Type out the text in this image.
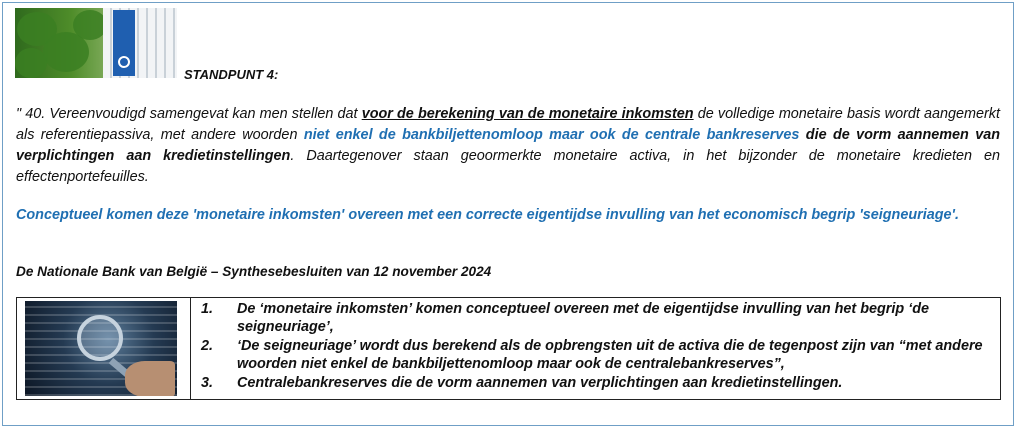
STANDPUNT 4:

" 40. Vereenvoudigd samengevat kan men stellen dat voor de berekening van de monetaire inkomsten de volledige monetaire basis wordt aangemerkt als referentiepassiva, met andere woorden niet enkel de bankbiljettenomloop maar ook de centrale bankreserves die de vorm aannemen van verplichtingen aan kredietinstellingen. Daartegenover staan geoormerkte monetaire activa, in het bijzonder de monetaire kredieten en effectenportefeuilles.

Conceptueel komen deze 'monetaire inkomsten' overeen met een correcte eigentijdse invulling van het economisch begrip 'seigneuriage'.

De Nationale Bank van België – Synthesebesluiten van 12 november 2024
1. De ‘monetaire inkomsten’ komen conceptueel overeen met de eigentijdse invulling van het begrip ‘de seigneuriage’,
2. ‘De seigneuriage’ wordt dus berekend als de opbrengsten uit de activa die de tegenpost zijn van “met andere woorden niet enkel de bankbiljettenomloop maar ook de centralebankreserves”,
3. Centralebankreserves die de vorm aannemen van verplichtingen aan kredietinstellingen.
